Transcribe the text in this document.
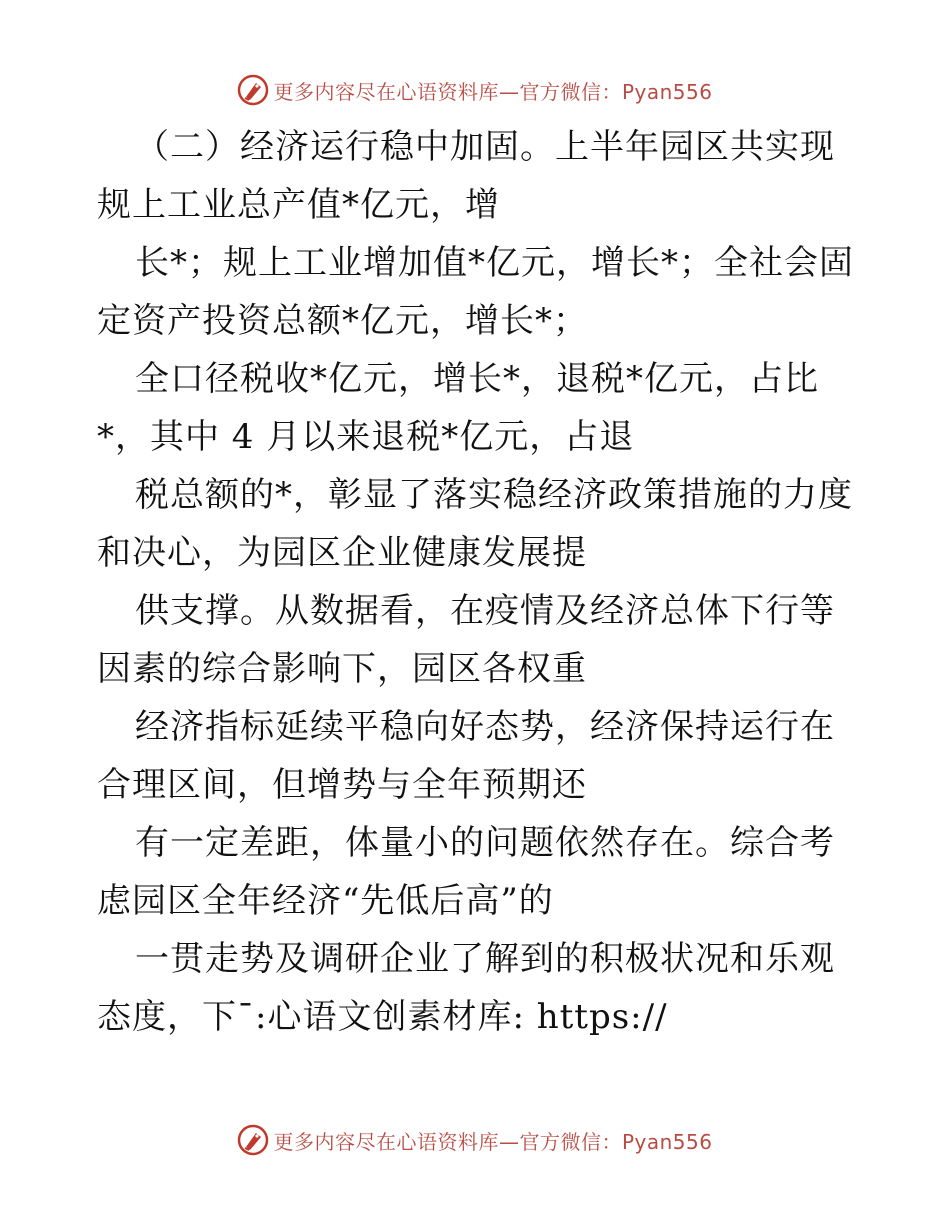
更多内容尽在心语资料库—官方微信：Pyan556

（二）经济运行稳中加固。上半年园区共实现规上工业总产值*亿元，增

长*；规上工业增加值*亿元，增长*；全社会固定资产投资总额*亿元，增长*；

全口径税收*亿元，增长*，退税*亿元，占比*，其中 4 月以来退税*亿元，占退

税总额的*，彰显了落实稳经济政策措施的力度和决心，为园区企业健康发展提

供支撑。从数据看，在疫情及经济总体下行等因素的综合影响下，园区各权重

经济指标延续平稳向好态势，经济保持运行在合理区间，但增势与全年预期还

有一定差距，体量小的问题依然存在。综合考虑园区全年经济“先低后高”的

一贯走势及调研企业了解到的积极状况和乐观态度，下¯:心语文创素材库: https://

更多内容尽在心语资料库—官方微信：Pyan556
